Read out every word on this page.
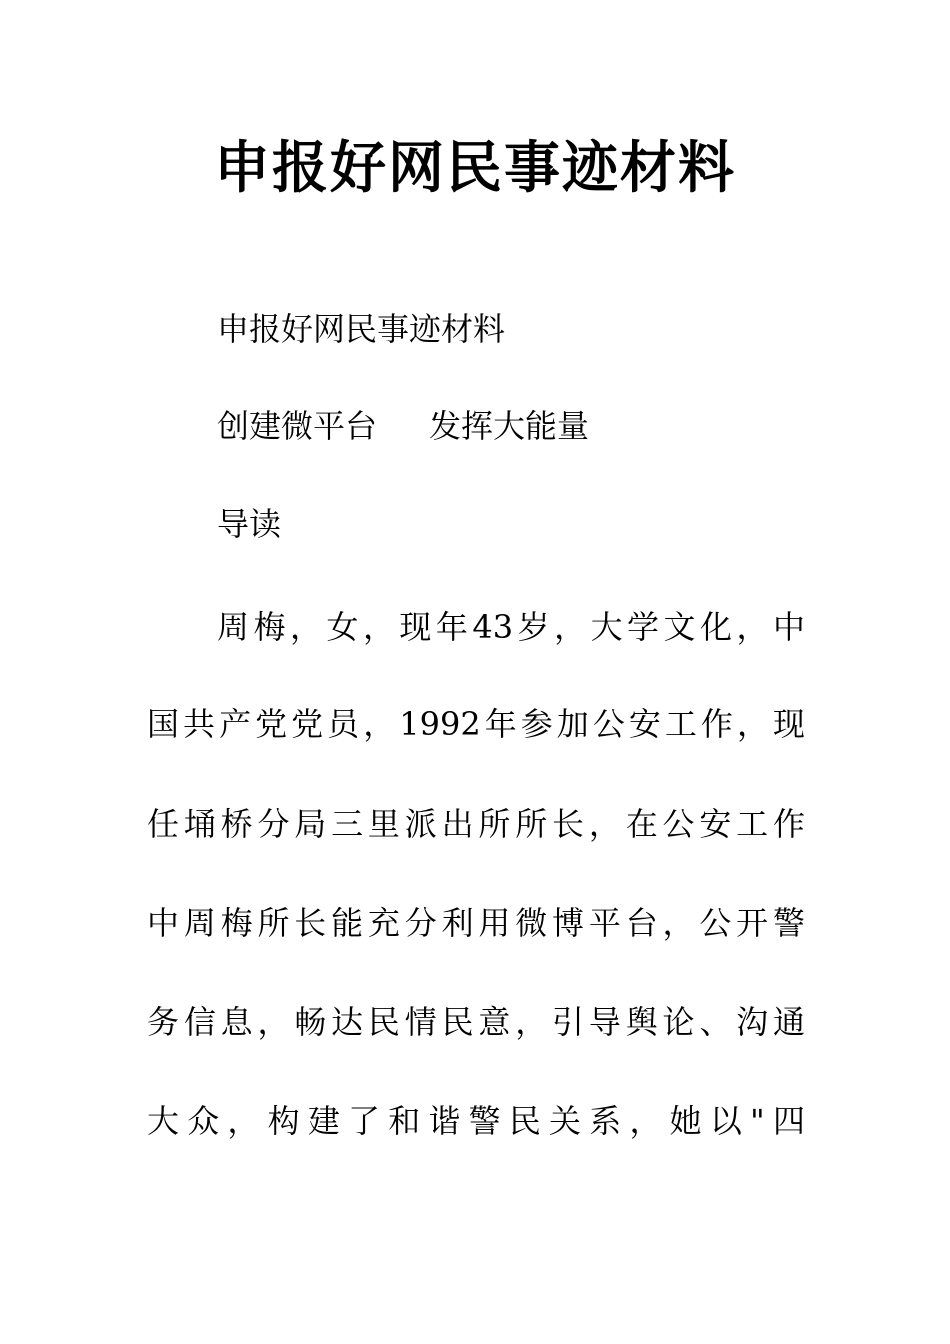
申报好网民事迹材料
申报好网民事迹材料
创建微平台 发挥大能量
导读
周梅，女，现年43岁，大学文化，中
国共产党党员，1992年参加公安工作，现
任埇桥分局三里派出所所长，在公安工作
中周梅所长能充分利用微博平台，公开警
务信息，畅达民情民意，引导舆论、沟通
大众，构建了和谐警民关系，她以"四
